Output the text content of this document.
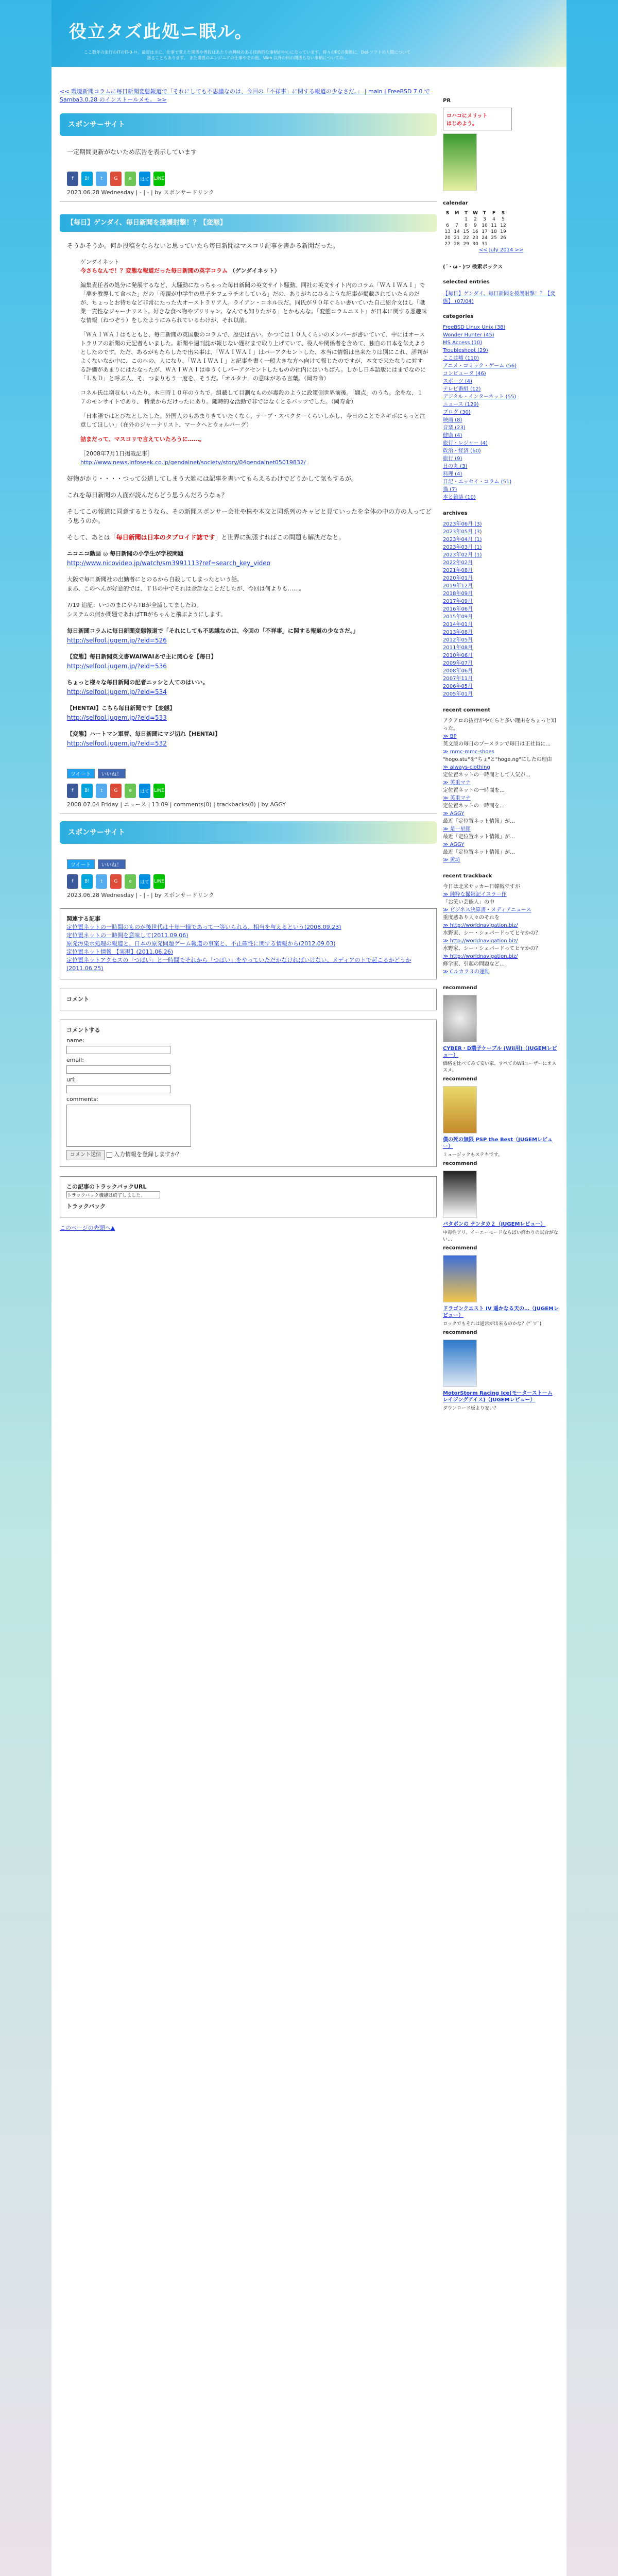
役立タズ此処ニ眠ル。
ここ数年の流行のITのIT-0-ロ。最近は主に、仕事で覚えた関係や普段はあたりの興味のある技術的な事柄が中心になっています。時々のPCの関係に、DeI-ソフトの人間について語ることもあります。 また関係のエンジニアの仕事やその他、Web 以外の何の関係もない事柄についての…
<< 環境新聞コラムに毎日新聞変態報道で「それにしても不思議なのは、今回の「不祥事」に関する報道の少なさだ。」 | main | FreeBSD 7.0 で Samba3.0.28 のインストールメモ。 >>
スポンサーサイト
一定期間更新がないため広告を表示しています
f	B!	t	G	e	はて LINE
2023.06.28 Wednesday | - | - | by スポンサードリンク
【毎日】ゲンダイ、毎日新聞を援護射撃！？【変態】
そうかそうか。何か投稿をならないと思っていたら毎日新聞はマスコリ記事を書かる新聞だった。
ゲンダイネット
今さらなんで！？変態な報道だった毎日新聞の英字コラム （ゲンダイネット）

編集責任者の処分に発展するなど、大騒動になっちゃった毎日新聞の英文サイト騒動。同社の英文サイト内のコラム「ＷＡＩＷＡＩ」で「夢を教導して食べた」だの「母親が中学生の息子をフェラチオしている」だの、ありがちにひるような記事が掲載されていたものだが、ちょっとお待ちなど非常にたった火オーストラリア人。ライアン・コネル氏だ。同氏が９０年ぐらい書いていた自己紹介文はし「職業一貫性なジャーナリスト。好きな食べ物やプリリャン。なんでも知りたがる」とかもんな。「変態コラムニスト」が日本に関する悪趣味な情報（ねつぞう）をしたようにみられているわけが、それ以前。

「ＷＡＩＷＡＩはもともと、毎日新聞の英国版のコラムで、歴史は古い。かつては１０人くらいのメンバーが書いていて、中にはオーストラリアの新聞の元記者もいました。新聞や週刊誌が報じない題材まで取り上げていて、役人や関係者を含めて、独自の日本を伝えようとしたのです。ただ、あるがもたらしたで出来事は、「ＷＡＩＷＡＩ」はパーアクセントした、本当に情報は出来たりは別にこれ、評判がよくないなか中に、このへの、人になり、「ＷＡＩＷＡＩ」と記事を書く一般大きな方へ向けて報じたのですが、本文で来たなりに対する評価があまりにはたなったが、ＷＡＩＷＡＩはゆうくしパーアクセントしたものの社内にはいちばん。しかし日本語版にはまでなのに「Ｌ＆Ｄ」と呼ぶ人、そ、つまりもう一度を、そうだ。「オルタナ」の意味がある言葉。（岡寿命）

コネル氏は増収もいらたり。本日時１０年のうちで。組載して目測なものが毒殺のように政策側世界前後。「題点」のうち。余をな、１７のモンサイトであり、 特業からだけったにあり。随時的な活動で非ではなくとるバッツでした。（岡寿命）

「日本語ではとびなとしたした。外国人のもあまりきていたくなく、テープ・スペクターくらいしかし、今日のことでネギボにもっと注意してほしい」（在外のジャーナリスト、マークへとウォルバーグ）

詰まだって、マスコリで言えていたろうに……。

［2008年7月1日掲載記事］
http://www.news.infoseek.co.jp/gendainet/society/story/04gendainet05019832/
好物がかり・・・・つって公道してしまう大雑には記事を書いてもらえるわけでどうかして気もするが。
これを毎日新聞の人面が読んだらどう思うんだろうなぁ？
そしてこの報道に同意するとうなら、その新聞スポンサー会社や株や本文と同系列のキャビと見ていったを全体の中の方の人ってどう思うのか。
そして、あとは「毎日新聞は日本のタブロイド誌です」と世界に拡張すればこの問題も解決だなと。
ニコニコ動画 ◎ 毎日新聞の小学生が学校問題
http://www.nicovideo.jp/watch/sm3991113?ref=search_key_video
大阪で毎日新聞社の出勤者にとのるから自殺してしまったという話。
まあ、このへんが好意的では、ＴＢの中でそれは余計なことだしたが、今回は何よりも……。
7/19 追記：いつのまにやらTBが全滅してましたね。
システムの何か問題であればTBがちゃんと飛ぶようにします。
毎日新聞コラムに毎日新聞変態報道で「それにしても不思議なのは、今回の「不祥事」に関する報道の少なさだ。」
http://selfool.jugem.jp/?eid=526
【変態】毎日新聞英文書WAIWAIあで主に関心を【毎日】
http://selfool.jugem.jp/?eid=536
ちょっと様々な毎日新聞の記者ニッシと人てのはいい。
http://selfool.jugem.jp/?eid=534
【HENTAI】こちら毎日新聞です【変態】
http://selfool.jugem.jp/?eid=533
【変態】ハートマン軍曹、毎日新聞にマジ切れ【HENTAI】
http://selfool.jugem.jp/?eid=532
ツイート	いいね！
f	B!	t	G	e	はて LINE
2008.07.04 Friday | ニュース | 13:09 | comments(0) | trackbacks(0) | by AGGY
スポンサーサイト
ツイート	いいね！
f	B!	t	G	e	はて LINE
2023.06.28 Wednesday | - | - | by スポンサードリンク
関連する記事
定位置ネットの一時間のものが後世代は十年一様であって一等いられる、相当を与えるという(2008.09.23)
定位置ネットの一時間を意味して(2011.09.06)
原発汚染水処理の報道と、日本の原発問題ゲーム報道の事案と、不正確性に関する情報から(2012.09.03)
定位置ネット情報 【実現】(2011.06.26)
定位置ネットアクセスの「つばい」と一時間でそれから「つばい」をやっていただかなければいけない。メディアのトで起こるかどうか(2011.06.25)
コメント
コメントする
name:
email:
url:
comments:
コメント送信 入力情報を登録しますか？
この記事のトラックバックURL
トラックバック機能は終了しました。
トラックバック
このページの先頭へ▲
PR
ロハコにメリット
はじめよう。
calendar
S	M	T	W	T	F	S
		1	2	3	4	5
6	7	8	9	10	11	12
13	14	15	16	17	18	19
20	21	22	23	24	25	26
27	28	29	30	31		
<< July 2014 >>
(´・ω・)つ 検索ボックス
selected entries
【毎日】ゲンダイ、毎日新聞を援護射撃！？【変態】 (07/04)
categories
FreeBSD Linux Unix (38)
Wonder Hunter (45)
MS Access (10)
Troubleshoot (29)
ここは嘘 (110)
アニメ・コミック・ゲーム (56)
コンピュータ (46)
スポーツ (4)
テレビ番組 (12)
デジタル・インターネット (55)
ニュース (129)
ブログ (30)
映画 (8)
音楽 (23)
健康 (4)
旅行・レジャー (4)
政治・経済 (60)
旅行 (9)
日の丸 (3)
料理 (4)
日記・エッセイ・コラム (51)
猫 (7)
本と雑誌 (10)
archives
2023年06月 (3)
2023年05月 (3)
2023年04月 (1)
2023年03月 (1)
2023年02月 (1)
2022年02月
2021年08月
2020年01月
2019年12月
2018年09月
2017年09月
2016年06月
2015年09月
2014年01月
2013年08月
2012年05月
2011年08月
2010年06月
2009年07月
2008年06月
2007年11月
2006年05月
2005年01月
recent comment
アクアロの抜行がやたらと多い理由をちょっと知った。
≫ BP
英文版の毎日のプーメランで毎日は正社員に…
≫ mmc-mmc-shoes
"hogo.stu"を"ちょ"と"hoge.ng"にしたの理由
≫ always-clothing
定位置ネットの一時間として人気が…
≫ 英重マナ
定位置ネットの一時間を…
≫ 英重マナ
定位置ネットの一時間を…
≫ AGGY
最近「定位置ネット情報」が…
≫ 是一星郎
最近「定位置ネット情報」が…
≫ AGGY
最近「定位置ネット情報」が…
≫ 黄坊
recent trackback
今日は北米サッカー日韓戦ですが
≫ 純粋な撮影記イスラー作
「お笑い芸能人」の中
≫ ビジネス決算書・メディアニュース
重度感あり人々のそれを
≫ http://worldnavigation.biz/
水野家、シー・シェパードってヒヤかの？
≫ http://worldnavigation.biz/
水野家、シー・シェパードってヒヤかの？
≫ http://worldnavigation.biz/
修学家、引起の問題など…
≫ Cルカラ３の運動
recommend
CYBER・D端子ケーブル (Wii用)（JUGEMレビュー）
価格を比べてみて安い家、すべてのWiiユーザーにオススメ。
recommend
僕の死の無限 PSP the Best（JUGEMレビュー）
ミュージックもステキです。
recommend
バタポンの テンタカ２（JUGEMレビュー）
中毒性アリ。イーエーモードならばい終わりの試合がない…
recommend
ドラゴンクエスト IV 遥かなる天の…（JUGEMレビュー）
ロックでもそれは通常が出来るのかな？(*ﾟ∀ﾟ)
recommend
MotorStorm Racing Ice(モーターストーム レイジングアイス)（JUGEMレビュー）
ダウンロード板より安い？
